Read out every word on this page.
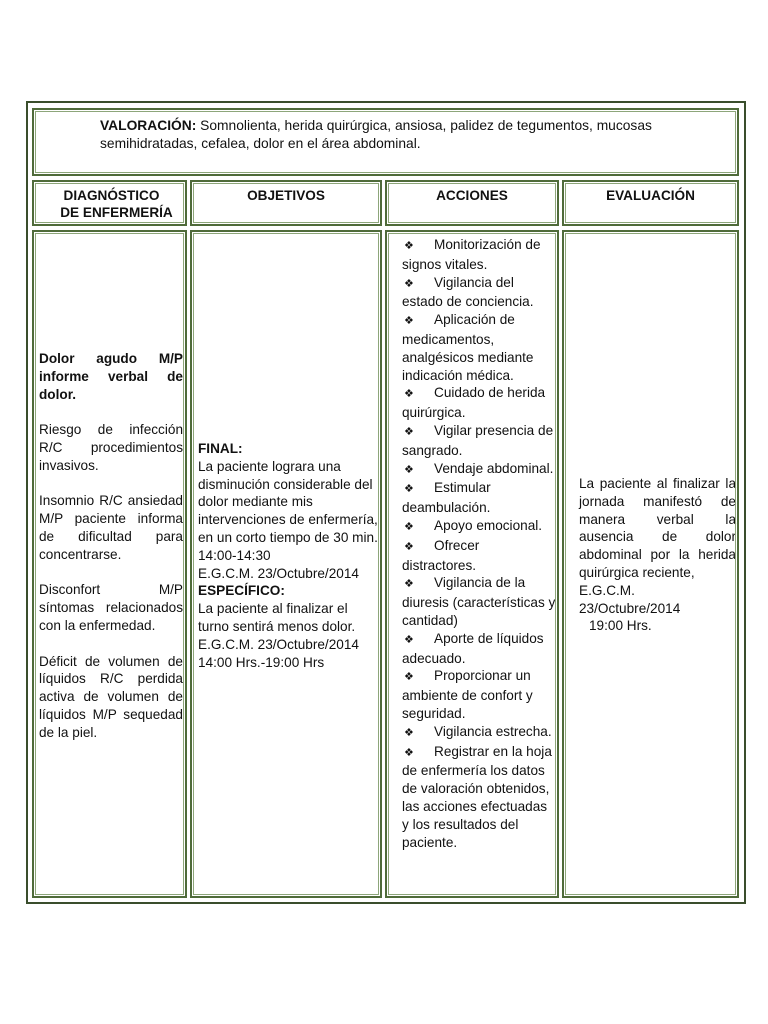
VALORACIÓN: Somnolienta, herida quirúrgica, ansiosa, palidez de tegumentos, mucosas semihidratadas, cefalea, dolor en el área abdominal.

DIAGNÓSTICO
DE ENFERMERÍA
OBJETIVOS	ACCIONES	EVALUACIÓN

Dolor agudo M/P informe verbal de dolor.

Riesgo de infección R/C procedimientos invasivos.

Insomnio R/C ansiedad M/P paciente informa de dificultad para concentrarse.

Disconfort M/P síntomas relacionados con la enfermedad.

Déficit de volumen de líquidos R/C perdida activa de volumen de líquidos M/P sequedad de la piel.

FINAL:

La paciente lograra una disminución considerable del dolor mediante mis intervenciones de enfermería, en un corto tiempo de 30 min.

14:00-14:30

E.G.C.M. 23/Octubre/2014

ESPECÍFICO:

La paciente al finalizar el turno sentirá menos dolor.

E.G.C.M. 23/Octubre/2014

14:00 Hrs.-19:00 Hrs

❖ Monitorización de signos vitales.

❖ Vigilancia del estado de conciencia.

❖ Aplicación de medicamentos, analgésicos mediante indicación médica.

❖ Cuidado de herida quirúrgica.

❖ Vigilar presencia de sangrado.

❖ Vendaje abdominal.

❖ Estimular deambulación.

❖ Apoyo emocional.

❖ Ofrecer distractores.

❖ Vigilancia de la diuresis (características y cantidad)

❖ Aporte de líquidos adecuado.

❖ Proporcionar un ambiente de confort y seguridad.

❖ Vigilancia estrecha.

❖ Registrar en la hoja de enfermería los datos de valoración obtenidos, las acciones efectuadas y los resultados del paciente.

La paciente al finalizar la jornada manifestó de manera verbal la ausencia de dolor abdominal por la herida quirúrgica reciente,

E.G.C.M. 23/Octubre/2014

19:00 Hrs.
